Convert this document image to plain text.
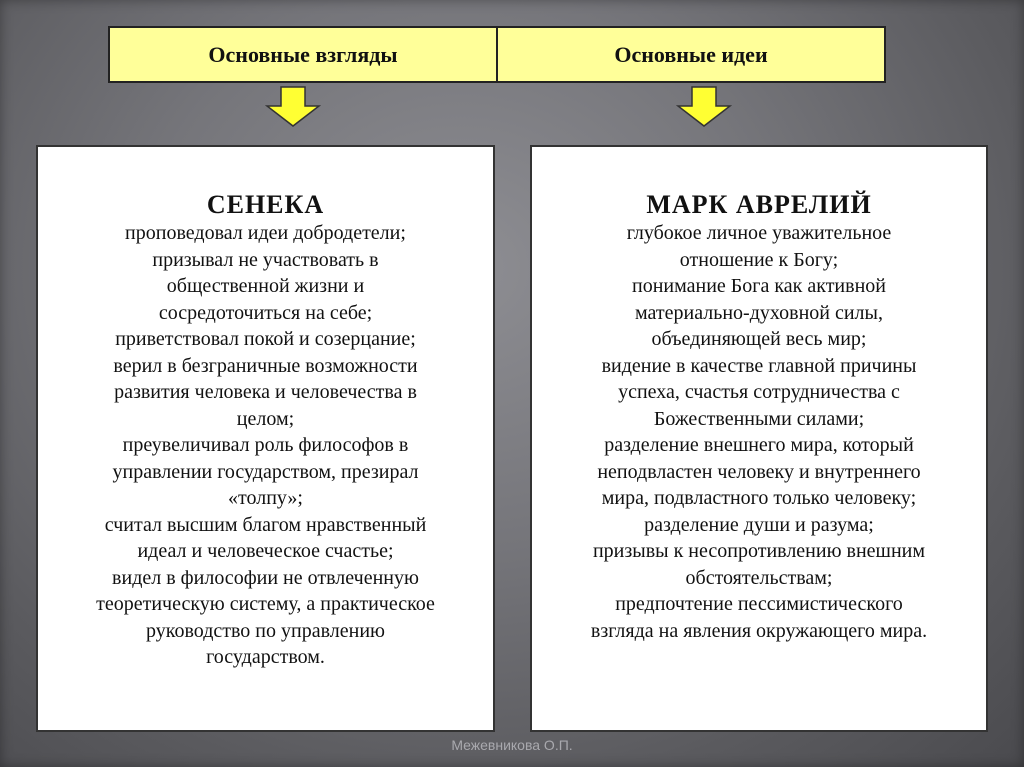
Основные взгляды	Основные идеи
СЕНЕКА
проповедовал идеи добродетели;
призывал не участвовать в
общественной жизни и
сосредоточиться на себе;
приветствовал покой и созерцание;
верил в безграничные возможности
развития человека и человечества в
целом;
преувеличивал роль философов в
управлении государством, презирал
«толпу»;
считал высшим благом нравственный
идеал и человеческое счастье;
видел в философии не отвлеченную
теоретическую систему, а практическое
руководство по управлению
государством.
МАРК АВРЕЛИЙ
глубокое личное уважительное
отношение к Богу;
понимание Бога как активной
материально-духовной силы,
объединяющей весь мир;
видение в качестве главной причины
успеха, счастья сотрудничества с
Божественными силами;
разделение внешнего мира, который
неподвластен человеку и внутреннего
мира, подвластного только человеку;
разделение души и разума;
призывы к несопротивлению внешним
обстоятельствам;
предпочтение пессимистического
взгляда на явления окружающего мира.
Межевникова О.П.
